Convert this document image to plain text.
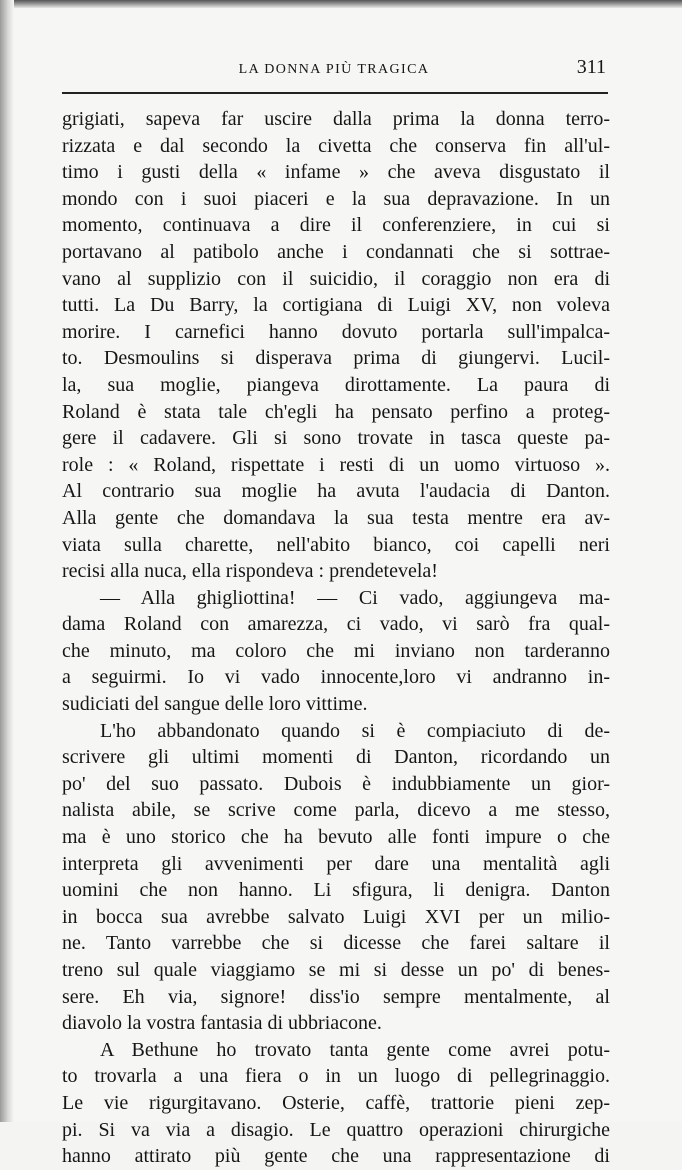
LA DONNA PIÙ TRAGICA	311
grigiati, sapeva far uscire dalla prima la donna terro-
rizzata e dal secondo la civetta che conserva fin all'ul-
timo i gusti della « infame » che aveva disgustato il
mondo con i suoi piaceri e la sua depravazione. In un
momento, continuava a dire il conferenziere, in cui si
portavano al patibolo anche i condannati che si sottrae-
vano al supplizio con il suicidio, il coraggio non era di
tutti. La Du Barry, la cortigiana di Luigi XV, non voleva
morire. I carnefici hanno dovuto portarla sull'impalca-
to. Desmoulins si disperava prima di giungervi. Lucil-
la, sua moglie, piangeva dirottamente. La paura di
Roland è stata tale ch'egli ha pensato perfino a proteg-
gere il cadavere. Gli si sono trovate in tasca queste pa-
role : « Roland, rispettate i resti di un uomo virtuoso ».
Al contrario sua moglie ha avuta l'audacia di Danton.
Alla gente che domandava la sua testa mentre era av-
viata sulla charette, nell'abito bianco, coi capelli neri
recisi alla nuca, ella rispondeva : prendetevela!
— Alla ghigliottina! — Ci vado, aggiungeva ma-
dama Roland con amarezza, ci vado, vi sarò fra qual-
che minuto, ma coloro che mi inviano non tarderanno
a seguirmi. Io vi vado innocente,loro vi andranno in-
sudiciati del sangue delle loro vittime.
L'ho abbandonato quando si è compiaciuto di de-
scrivere gli ultimi momenti di Danton, ricordando un
po' del suo passato. Dubois è indubbiamente un gior-
nalista abile, se scrive come parla, dicevo a me stesso,
ma è uno storico che ha bevuto alle fonti impure o che
interpreta gli avvenimenti per dare una mentalità agli
uomini che non hanno. Li sfigura, li denigra. Danton
in bocca sua avrebbe salvato Luigi XVI per un milio-
ne. Tanto varrebbe che si dicesse che farei saltare il
treno sul quale viaggiamo se mi si desse un po' di benes-
sere. Eh via, signore! diss'io sempre mentalmente, al
diavolo la vostra fantasia di ubbriacone.
A Bethune ho trovato tanta gente come avrei potu-
to trovarla a una fiera o in un luogo di pellegrinaggio.
Le vie rigurgitavano. Osterie, caffè, trattorie pieni zep-
pi. Si va via a disagio. Le quattro operazioni chirurgiche
hanno attirato più gente che una rappresentazione di
